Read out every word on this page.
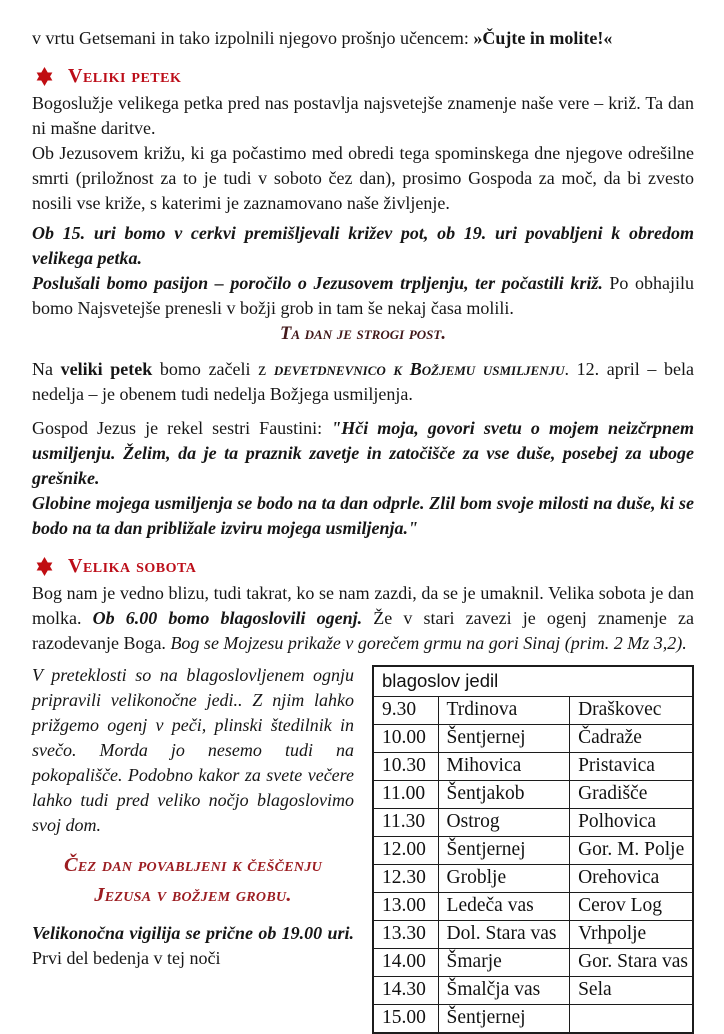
v vrtu Getsemani in tako izpolnili njegovo prošnjo učencem: »Čujte in molite!«

Veliki petek

Bogoslužje velikega petka pred nas postavlja najsvetejše znamenje naše vere – križ. Ta dan ni mašne daritve.

Ob Jezusovem križu, ki ga počastimo med obredi tega spominskega dne njegove odrešilne smrti (priložnost za to je tudi v soboto čez dan), prosimo Gospoda za moč, da bi zvesto nosili vse križe, s katerimi je zaznamovano naše življenje.

Ob 15. uri bomo v cerkvi premišljevali križev pot, ob 19. uri povabljeni k obredom velikega petka.

Poslušali bomo pasijon – poročilo o Jezusovem trpljenju, ter počastili križ. Po obhajilu bomo Najsvetejše prenesli v božji grob in tam še nekaj časa molili.

Ta dan je strogi post.

Na veliki petek bomo začeli z devetdnevnico k Božjemu usmiljenju. 12. april – bela nedelja – je obenem tudi nedelja Božjega usmiljenja.

Gospod Jezus je rekel sestri Faustini: "Hči moja, govori svetu o mojem neizčrpnem usmiljenju. Želim, da je ta praznik zavetje in zatočišče za vse duše, posebej za uboge grešnike.

Globine mojega usmiljenja se bodo na ta dan odprle. Zlil bom svoje milosti na duše, ki se bodo na ta dan približale izviru mojega usmiljenja."

Velika sobota

Bog nam je vedno blizu, tudi takrat, ko se nam zazdi, da se je umaknil. Velika sobota je dan molka. Ob 6.00 bomo blagoslovili ogenj. Že v stari zavezi je ogenj znamenje za razodevanje Boga. Bog se Mojzesu prikaže v gorečem grmu na gori Sinaj (prim. 2 Mz 3,2).

V preteklosti so na blagoslovljenem ognju pripravili velikonočne jedi.. Z njim lahko prižgemo ogenj v peči, plinski štedilnik in svečo. Morda jo nesemo tudi na pokopališče. Podobno kakor za svete večere lahko tudi pred veliko nočjo blagoslovimo svoj dom.

Čez dan povabljeni k češčenju Jezusa v božjem grobu.

Velikonočna vigilija se prične ob 19.00 uri. Prvi del bedenja v tej noči

blagoslov jedil		
9.30	Trdinova	Draškovec
10.00	Šentjernej	Čadraže
10.30	Mihovica	Pristavica
11.00	Šentjakob	Gradišče
11.30	Ostrog	Polhovica
12.00	Šentjernej	Gor. M. Polje
12.30	Groblje	Orehovica
13.00	Ledeča vas	Cerov Log
13.30	Dol. Stara vas	Vrhpolje
14.00	Šmarje	Gor. Stara vas
14.30	Šmalčja vas	Sela
15.00	Šentjernej	
